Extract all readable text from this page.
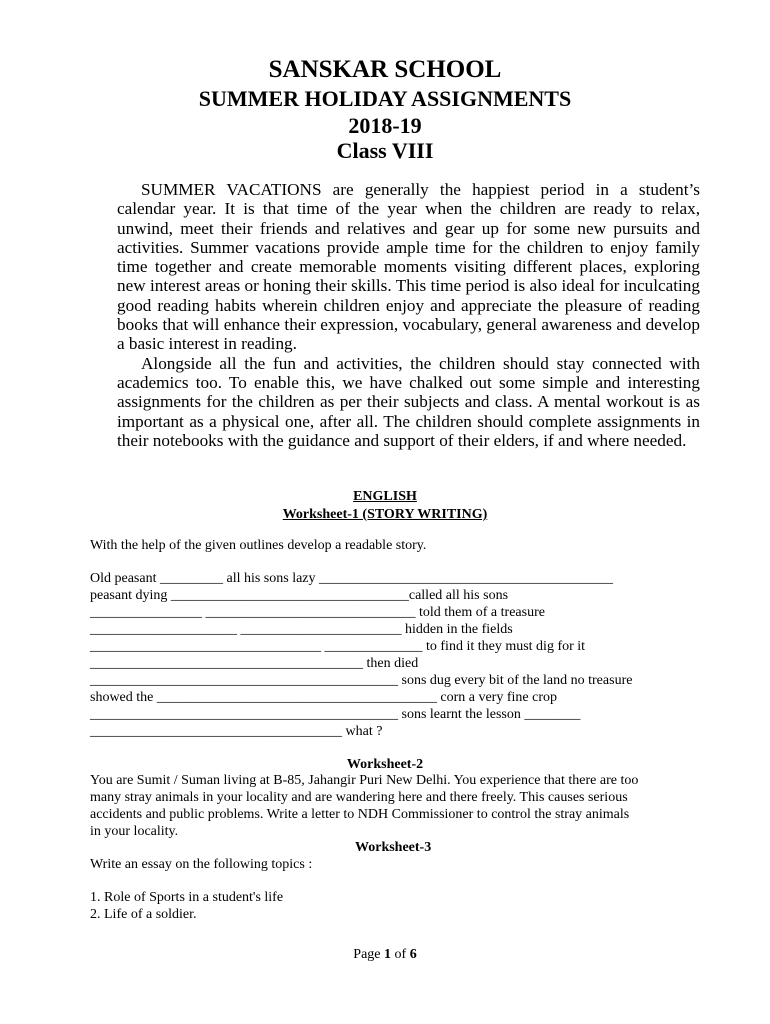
SANSKAR SCHOOL
SUMMER HOLIDAY ASSIGNMENTS
2018-19
Class VIII

SUMMER VACATIONS are generally the happiest period in a student’s calendar year. It is that time of the year when the children are ready to relax, unwind, meet their friends and relatives and gear up for some new pursuits and activities. Summer vacations provide ample time for the children to enjoy family time together and create memorable moments visiting different places, exploring new interest areas or honing their skills. This time period is also ideal for inculcating good reading habits wherein children enjoy and appreciate the pleasure of reading books that will enhance their expression, vocabulary, general awareness and develop a basic interest in reading.

Alongside all the fun and activities, the children should stay connected with academics too. To enable this, we have chalked out some simple and interesting assignments for the children as per their subjects and class. A mental workout is as important as a physical one, after all. The children should complete assignments in their notebooks with the guidance and support of their elders, if and where needed.

ENGLISH
Worksheet-1 (STORY WRITING)
With the help of the given outlines develop a readable story.
Old peasant _________ all his sons lazy __________________________________________
peasant dying __________________________________called all his sons
________________ ______________________________ told them of a treasure
_____________________ _______________________ hidden in the fields
_________________________________ ______________ to find it they must dig for it
_______________________________________ then died
____________________________________________ sons dug every bit of the land no treasure
showed the ________________________________________ corn a very fine crop
____________________________________________ sons learnt the lesson ________
____________________________________ what ?
Worksheet-2
You are Sumit / Suman living at B-85, Jahangir Puri New Delhi. You experience that there are too
many stray animals in your locality and are wandering here and there freely. This causes serious
accidents and public problems. Write a letter to NDH Commissioner to control the stray animals
in your locality.
Worksheet-3
Write an essay on the following topics :
1. Role of Sports in a student's life
2. Life of a soldier.
Page 1 of 6
